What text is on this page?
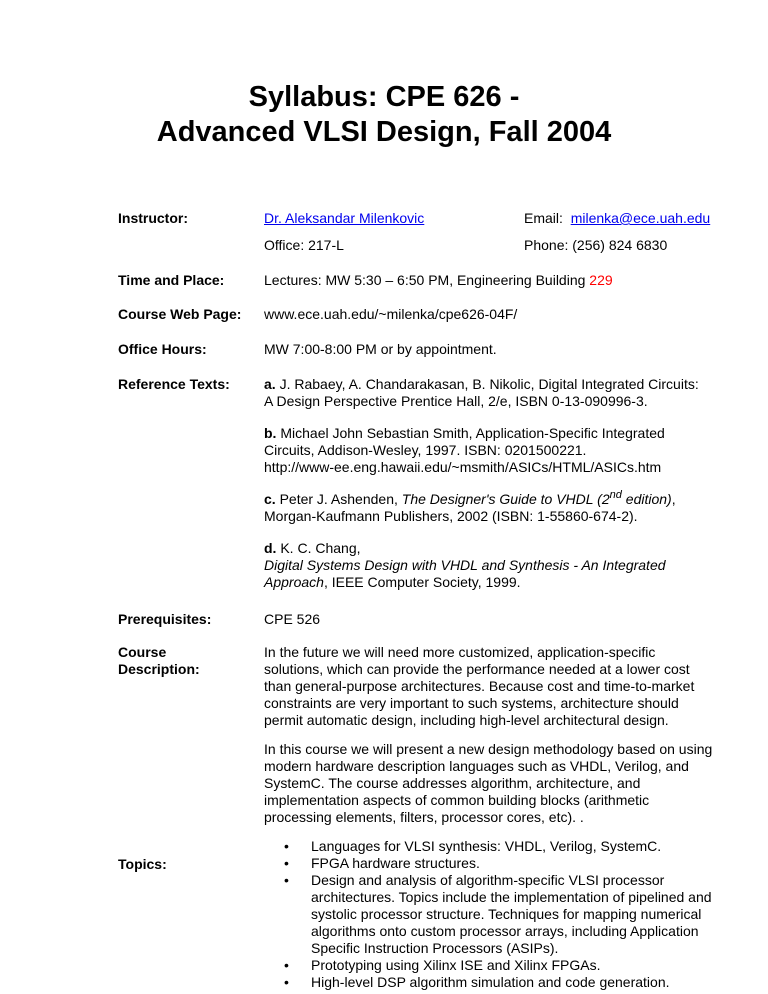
Syllabus: CPE 626 -
Advanced VLSI Design, Fall 2004
Instructor:	Dr. Aleksandar Milenkovic	Email: milenka@ece.uah.edu
Office: 217-L	Phone: (256) 824 6830
Time and Place:	Lectures: MW 5:30 – 6:50 PM, Engineering Building 229
Course Web Page: www.ece.uah.edu/~milenka/cpe626-04F/
Office Hours:	MW 7:00-8:00 PM or by appointment.
Reference Texts: a. J. Rabaey, A. Chandarakasan, B. Nikolic, Digital Integrated Circuits:
A Design Perspective Prentice Hall, 2/e, ISBN 0-13-090996-3.
b. Michael John Sebastian Smith, Application-Specific Integrated
Circuits, Addison-Wesley, 1997. ISBN: 0201500221.
http://www-ee.eng.hawaii.edu/~msmith/ASICs/HTML/ASICs.htm
c. Peter J. Ashenden, The Designer's Guide to VHDL (2nd edition),
Morgan-Kaufmann Publishers, 2002 (ISBN: 1-55860-674-2).
d. K. C. Chang,
Digital Systems Design with VHDL and Synthesis - An Integrated
Approach, IEEE Computer Society, 1999.
Prerequisites:	CPE 526
Course
Description:
In the future we will need more customized, application-specific
solutions, which can provide the performance needed at a lower cost
than general-purpose architectures. Because cost and time-to-market
constraints are very important to such systems, architecture should
permit automatic design, including high-level architectural design.
In this course we will present a new design methodology based on using
modern hardware description languages such as VHDL, Verilog, and
SystemC. The course addresses algorithm, architecture, and
implementation aspects of common building blocks (arithmetic
processing elements, filters, processor cores, etc). .
Topics:
• Languages for VLSI synthesis: VHDL, Verilog, SystemC.
• FPGA hardware structures.
• Design and analysis of algorithm-specific VLSI processor
architectures. Topics include the implementation of pipelined and
systolic processor structure. Techniques for mapping numerical
algorithms onto custom processor arrays, including Application
Specific Instruction Processors (ASIPs).
• Prototyping using Xilinx ISE and Xilinx FPGAs.
• High-level DSP algorithm simulation and code generation.
